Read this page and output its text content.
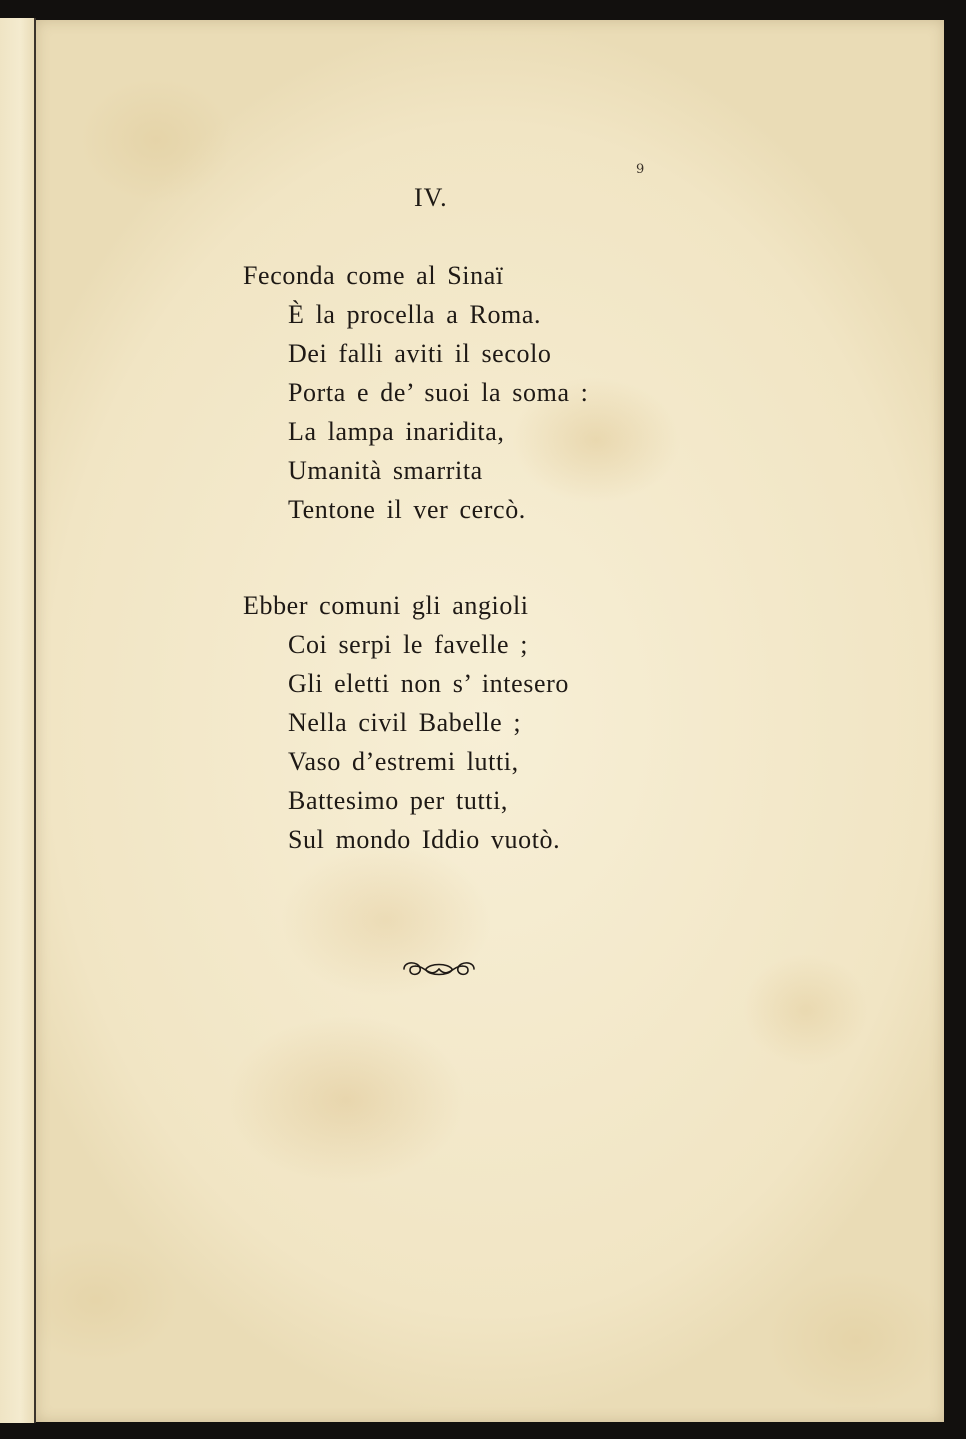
9
IV.
Feconda come al Sinaï
È la procella a Roma.
Dei falli aviti il secolo
Porta e de’ suoi la soma :
La lampa inaridita,
Umanità smarrita
Tentone il ver cercò.
Ebber comuni gli angioli
Coi serpi le favelle ;
Gli eletti non s’ intesero
Nella civil Babelle ;
Vaso d’estremi lutti,
Battesimo per tutti,
Sul mondo Iddio vuotò.
